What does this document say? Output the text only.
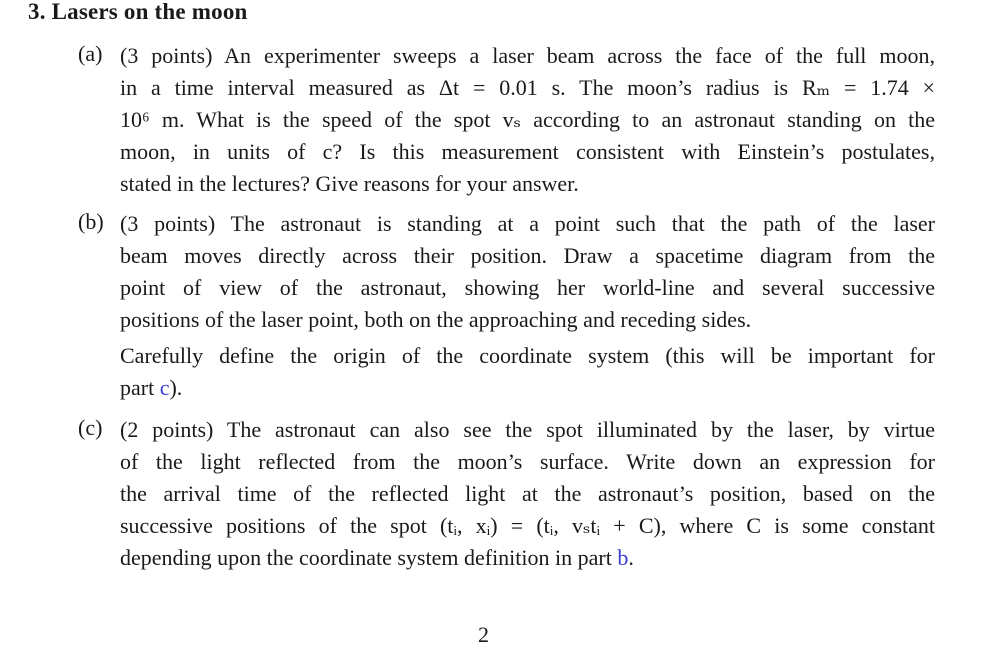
3. Lasers on the moon
(a) (3 points) An experimenter sweeps a laser beam across the face of the full moon,
in a time interval measured as Δt = 0.01 s. The moon’s radius is Rₘ = 1.74 ×
10⁶ m. What is the speed of the spot vₛ according to an astronaut standing on the
moon, in units of c? Is this measurement consistent with Einstein’s postulates,
stated in the lectures? Give reasons for your answer.
(b) (3 points) The astronaut is standing at a point such that the path of the laser
beam moves directly across their position. Draw a spacetime diagram from the
point of view of the astronaut, showing her world-line and several successive
positions of the laser point, both on the approaching and receding sides.
Carefully define the origin of the coordinate system (this will be important for
part c).
(c) (2 points) The astronaut can also see the spot illuminated by the laser, by virtue
of the light reflected from the moon’s surface. Write down an expression for
the arrival time of the reflected light at the astronaut’s position, based on the
successive positions of the spot (tᵢ, xᵢ) = (tᵢ, vₛtᵢ + C), where C is some constant
depending upon the coordinate system definition in part b.
2
